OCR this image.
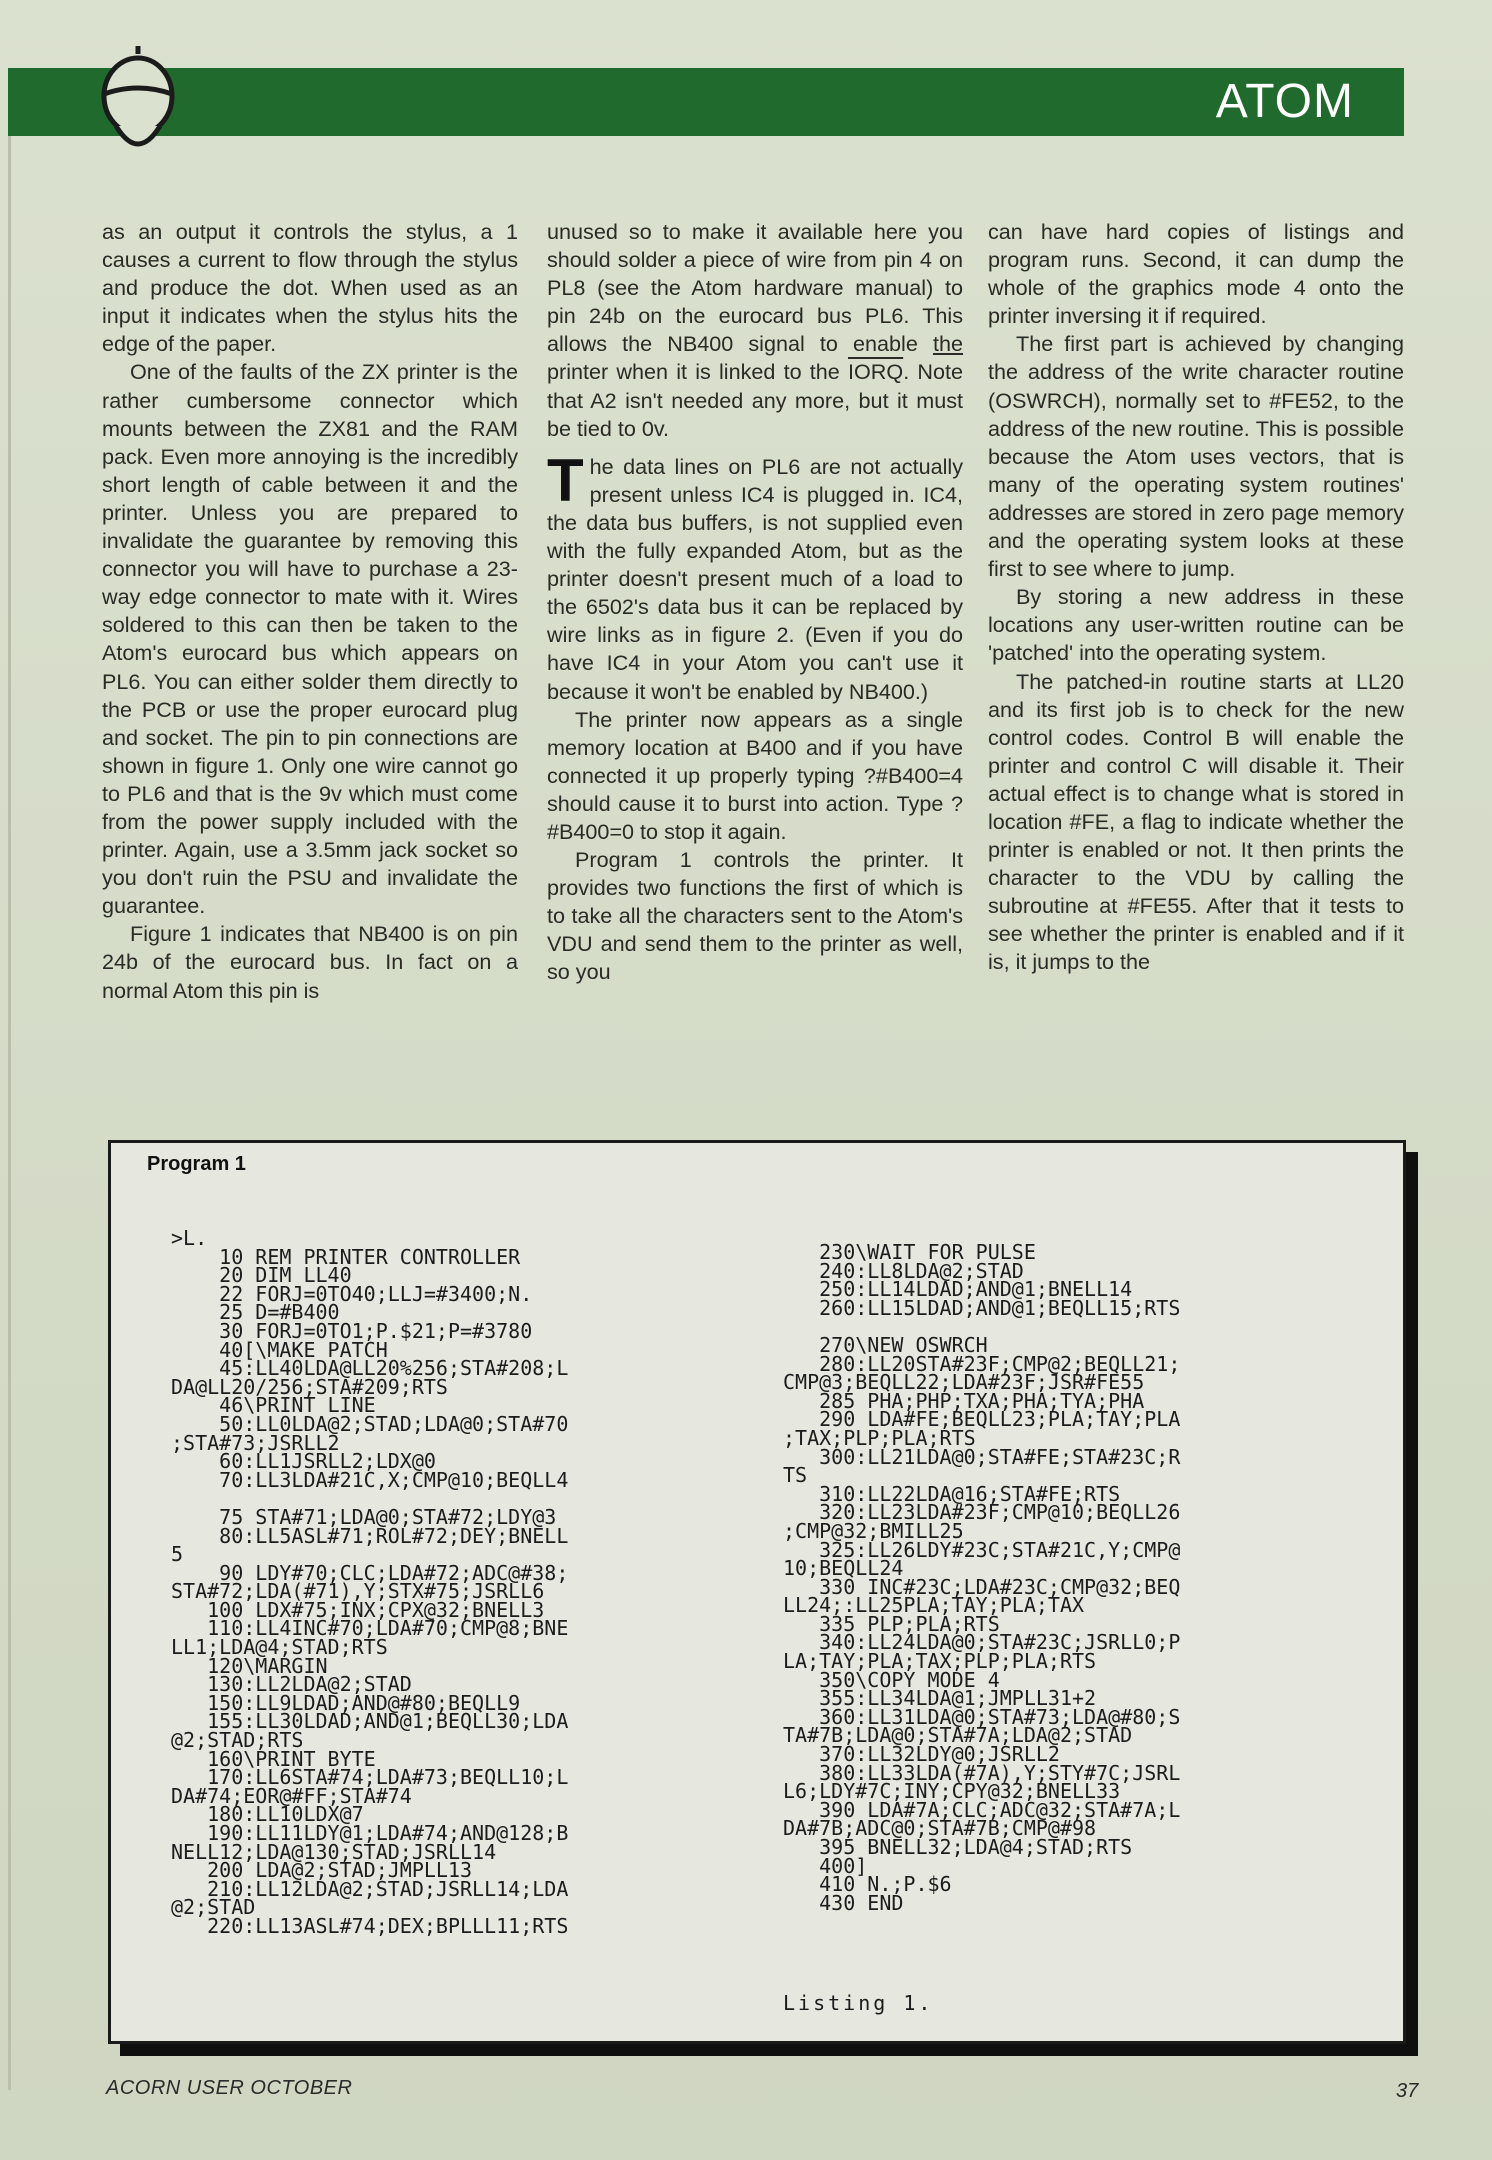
ATOM

as an output it controls the stylus, a 1 causes a current to flow through the stylus and produce the dot. When used as an input it indicates when the stylus hits the edge of the paper.

One of the faults of the ZX printer is the rather cumbersome connector which mounts between the ZX81 and the RAM pack. Even more annoying is the incredibly short length of cable between it and the printer. Unless you are prepared to invalidate the guarantee by removing this connector you will have to purchase a 23-way edge connector to mate with it. Wires soldered to this can then be taken to the Atom's eurocard bus which appears on PL6. You can either solder them directly to the PCB or use the proper eurocard plug and socket. The pin to pin connections are shown in figure 1. Only one wire cannot go to PL6 and that is the 9v which must come from the power supply included with the printer. Again, use a 3.5mm jack socket so you don't ruin the PSU and invalidate the guarantee.

Figure 1 indicates that NB400 is on pin 24b of the eurocard bus. In fact on a normal Atom this pin is

unused so to make it available here you should solder a piece of wire from pin 4 on PL8 (see the Atom hardware manual) to pin 24b on the eurocard bus PL6. This allows the NB400 signal to enable the printer when it is linked to the IORQ. Note that A2 isn't needed any more, but it must be tied to 0v.

The data lines on PL6 are not actually present unless IC4 is plugged in. IC4, the data bus buffers, is not supplied even with the fully expanded Atom, but as the printer doesn't present much of a load to the 6502's data bus it can be replaced by wire links as in figure 2. (Even if you do have IC4 in your Atom you can't use it because it won't be enabled by NB400.)

The printer now appears as a single memory location at B400 and if you have connected it up properly typing ?#B400=4 should cause it to burst into action. Type ?#B400=0 to stop it again.

Program 1 controls the printer. It provides two functions the first of which is to take all the characters sent to the Atom's VDU and send them to the printer as well, so you

can have hard copies of listings and program runs. Second, it can dump the whole of the graphics mode 4 onto the printer inversing it if required.

The first part is achieved by changing the address of the write character routine (OSWRCH), normally set to #FE52, to the address of the new routine. This is possible because the Atom uses vectors, that is many of the operating system routines' addresses are stored in zero page memory and the operating system looks at these first to see where to jump.

By storing a new address in these locations any user-written routine can be 'patched' into the operating system.

The patched-in routine starts at LL20 and its first job is to check for the new control codes. Control B will enable the printer and control C will disable it. Their actual effect is to change what is stored in location #FE, a flag to indicate whether the printer is enabled or not. It then prints the character to the VDU by calling the subroutine at #FE55. After that it tests to see whether the printer is enabled and if it is, it jumps to the

Program 1
>L.
10 REM PRINTER CONTROLLER
20 DIM LL40
22 FORJ=0TO40;LLJ=#3400;N.
25 D=#B400
30 FORJ=0TO1;P.$21;P=#3780
40[\MAKE PATCH
45:LL40LDA@LL20%256;STA#208;L
DA@LL20/256;STA#209;RTS
46\PRINT LINE
50:LL0LDA@2;STAD;LDA@0;STA#70
;STA#73;JSRLL2
60:LL1JSRLL2;LDX@0
70:LL3LDA#21C,X;CMP@10;BEQLL4

75 STA#71;LDA@0;STA#72;LDY@3
80:LL5ASL#71;ROL#72;DEY;BNELL
5
90 LDY#70;CLC;LDA#72;ADC@#38;
STA#72;LDA(#71),Y;STX#75;JSRLL6
100 LDX#75;INX;CPX@32;BNELL3
110:LL4INC#70;LDA#70;CMP@8;BNE
LL1;LDA@4;STAD;RTS
120\MARGIN
130:LL2LDA@2;STAD
150:LL9LDAD;AND@#80;BEQLL9
155:LL30LDAD;AND@1;BEQLL30;LDA
@2;STAD;RTS
160\PRINT BYTE
170:LL6STA#74;LDA#73;BEQLL10;L
DA#74;EOR@#FF;STA#74
180:LL10LDX@7
190:LL11LDY@1;LDA#74;AND@128;B
NELL12;LDA@130;STAD;JSRLL14
200 LDA@2;STAD;JMPLL13
210:LL12LDA@2;STAD;JSRLL14;LDA
@2;STAD
220:LL13ASL#74;DEX;BPLLL11;RTS
230\WAIT FOR PULSE
240:LL8LDA@2;STAD
250:LL14LDAD;AND@1;BNELL14
260:LL15LDAD;AND@1;BEQLL15;RTS

270\NEW OSWRCH
280:LL20STA#23F;CMP@2;BEQLL21;
CMP@3;BEQLL22;LDA#23F;JSR#FE55
285 PHA;PHP;TXA;PHA;TYA;PHA
290 LDA#FE;BEQLL23;PLA;TAY;PLA
;TAX;PLP;PLA;RTS
300:LL21LDA@0;STA#FE;STA#23C;R
TS
310:LL22LDA@16;STA#FE;RTS
320:LL23LDA#23F;CMP@10;BEQLL26
;CMP@32;BMILL25
325:LL26LDY#23C;STA#21C,Y;CMP@
10;BEQLL24
330 INC#23C;LDA#23C;CMP@32;BEQ
LL24;:LL25PLA;TAY;PLA;TAX
335 PLP;PLA;RTS
340:LL24LDA@0;STA#23C;JSRLL0;P
LA;TAY;PLA;TAX;PLP;PLA;RTS
350\COPY MODE 4
355:LL34LDA@1;JMPLL31+2
360:LL31LDA@0;STA#73;LDA@#80;S
TA#7B;LDA@0;STA#7A;LDA@2;STAD
370:LL32LDY@0;JSRLL2
380:LL33LDA(#7A),Y;STY#7C;JSRL
L6;LDY#7C;INY;CPY@32;BNELL33
390 LDA#7A;CLC;ADC@32;STA#7A;L
DA#7B;ADC@0;STA#7B;CMP@#98
395 BNELL32;LDA@4;STAD;RTS
400]
410 N.;P.$6
430 END
Listing 1.
ACORN USER OCTOBER	37
